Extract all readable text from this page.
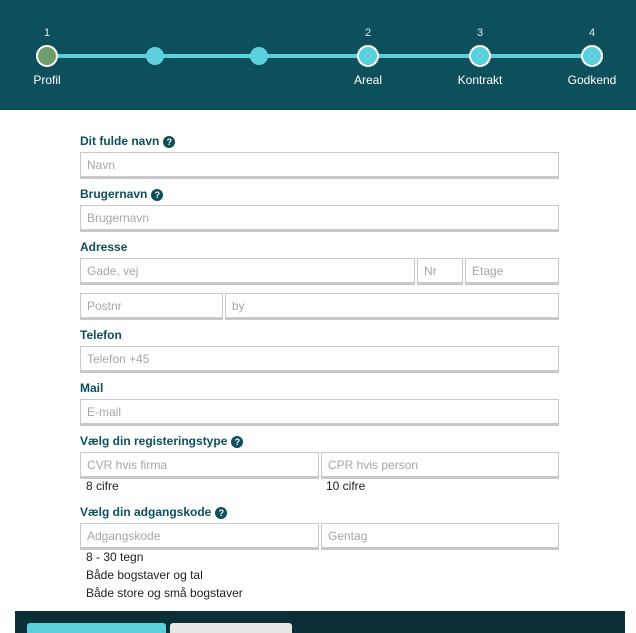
1
Profil
2
Areal
3
Kontrakt
4
Godkend
Dit fulde navn ?
Navn
Brugernavn ?
Brugernavn
Adresse
Gade, vej
Nr
Etage
Postnr
by
Telefon
Telefon +45
Mail
E-mail
Vælg din registeringstype ?
CVR hvis firma
CPR hvis person
8 cifre	10 cifre
Vælg din adgangskode ?
8 - 30 tegn
Både bogstaver og tal
Både store og små bogstaver
